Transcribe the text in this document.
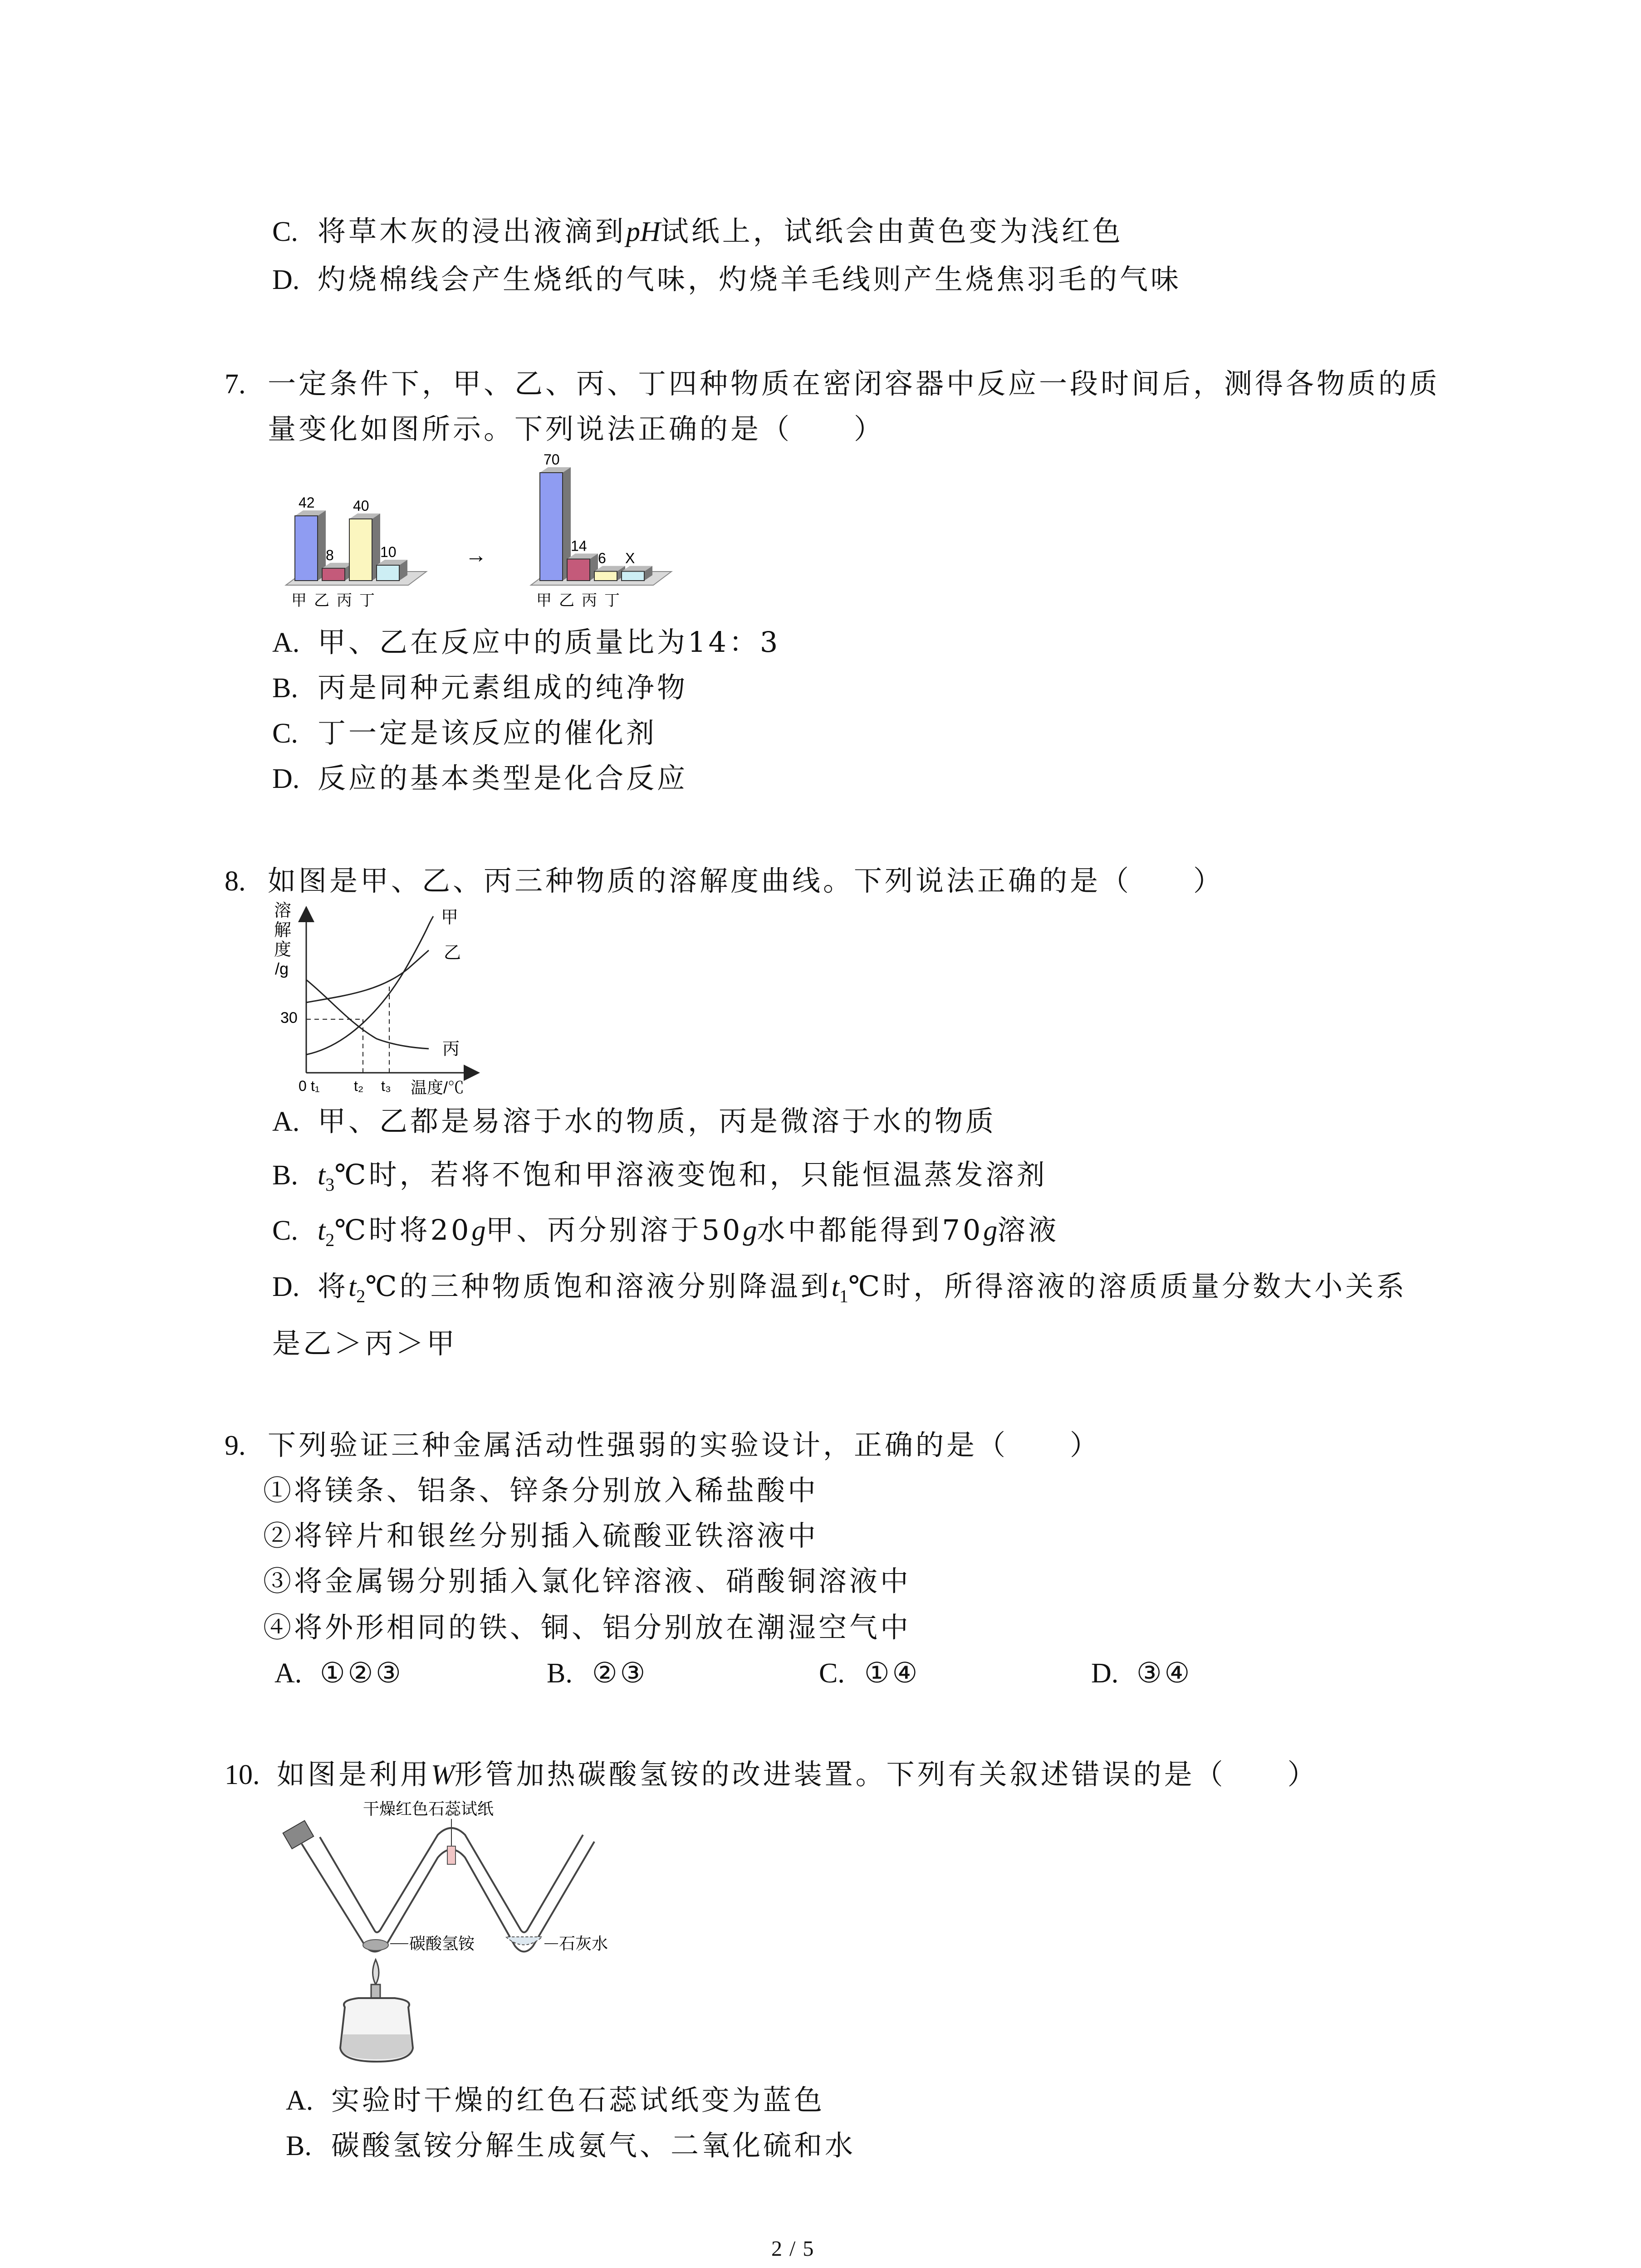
C. 将草木灰的浸出液滴到pH试纸上，试纸会由黄色变为浅红色
D. 灼烧棉线会产生烧纸的气味，灼烧羊毛线则产生烧焦羽毛的气味
7. 一定条件下，甲、乙、丙、丁四种物质在密闭容器中反应一段时间后，测得各物质的质
量变化如图所示。下列说法正确的是（　　）
42
甲
8
乙
40
丙
10
丁
70
甲
14
乙
6
丙
X
丁
→
A. 甲、乙在反应中的质量比为14：3
B. 丙是同种元素组成的纯净物
C. 丁一定是该反应的催化剂
D. 反应的基本类型是化合反应
8. 如图是甲、乙、丙三种物质的溶解度曲线。下列说法正确的是（　　）
溶
解
度
/g
30
0 t₁ t₂ t₃ 温度/℃
甲
乙
丙
A. 甲、乙都是易溶于水的物质，丙是微溶于水的物质
B. $t_3℃$时，若将不饱和甲溶液变饱和，只能恒温蒸发溶剂
C. $t_2℃$时将20g甲、丙分别溶于50g水中都能得到70g溶液
D. 将$t_2℃$的三种物质饱和溶液分别降温到$t_1℃$时，所得溶液的溶质质量分数大小关系
是乙＞丙＞甲
9. 下列验证三种金属活动性强弱的实验设计，正确的是（　　）
①将镁条、铝条、锌条分别放入稀盐酸中
②将锌片和银丝分别插入硫酸亚铁溶液中
③将金属锡分别插入氯化锌溶液、硝酸铜溶液中
④将外形相同的铁、铜、铝分别放在潮湿空气中
A. ①②③	B. ②③	C. ①④	D. ③④
10. 如图是利用W形管加热碳酸氢铵的改进装置。下列有关叙述错误的是（　　）
干燥红色石蕊试纸
碳酸氢铵	石灰水
A. 实验时干燥的红色石蕊试纸变为蓝色
B. 碳酸氢铵分解生成氨气、二氧化硫和水
2 / 5
